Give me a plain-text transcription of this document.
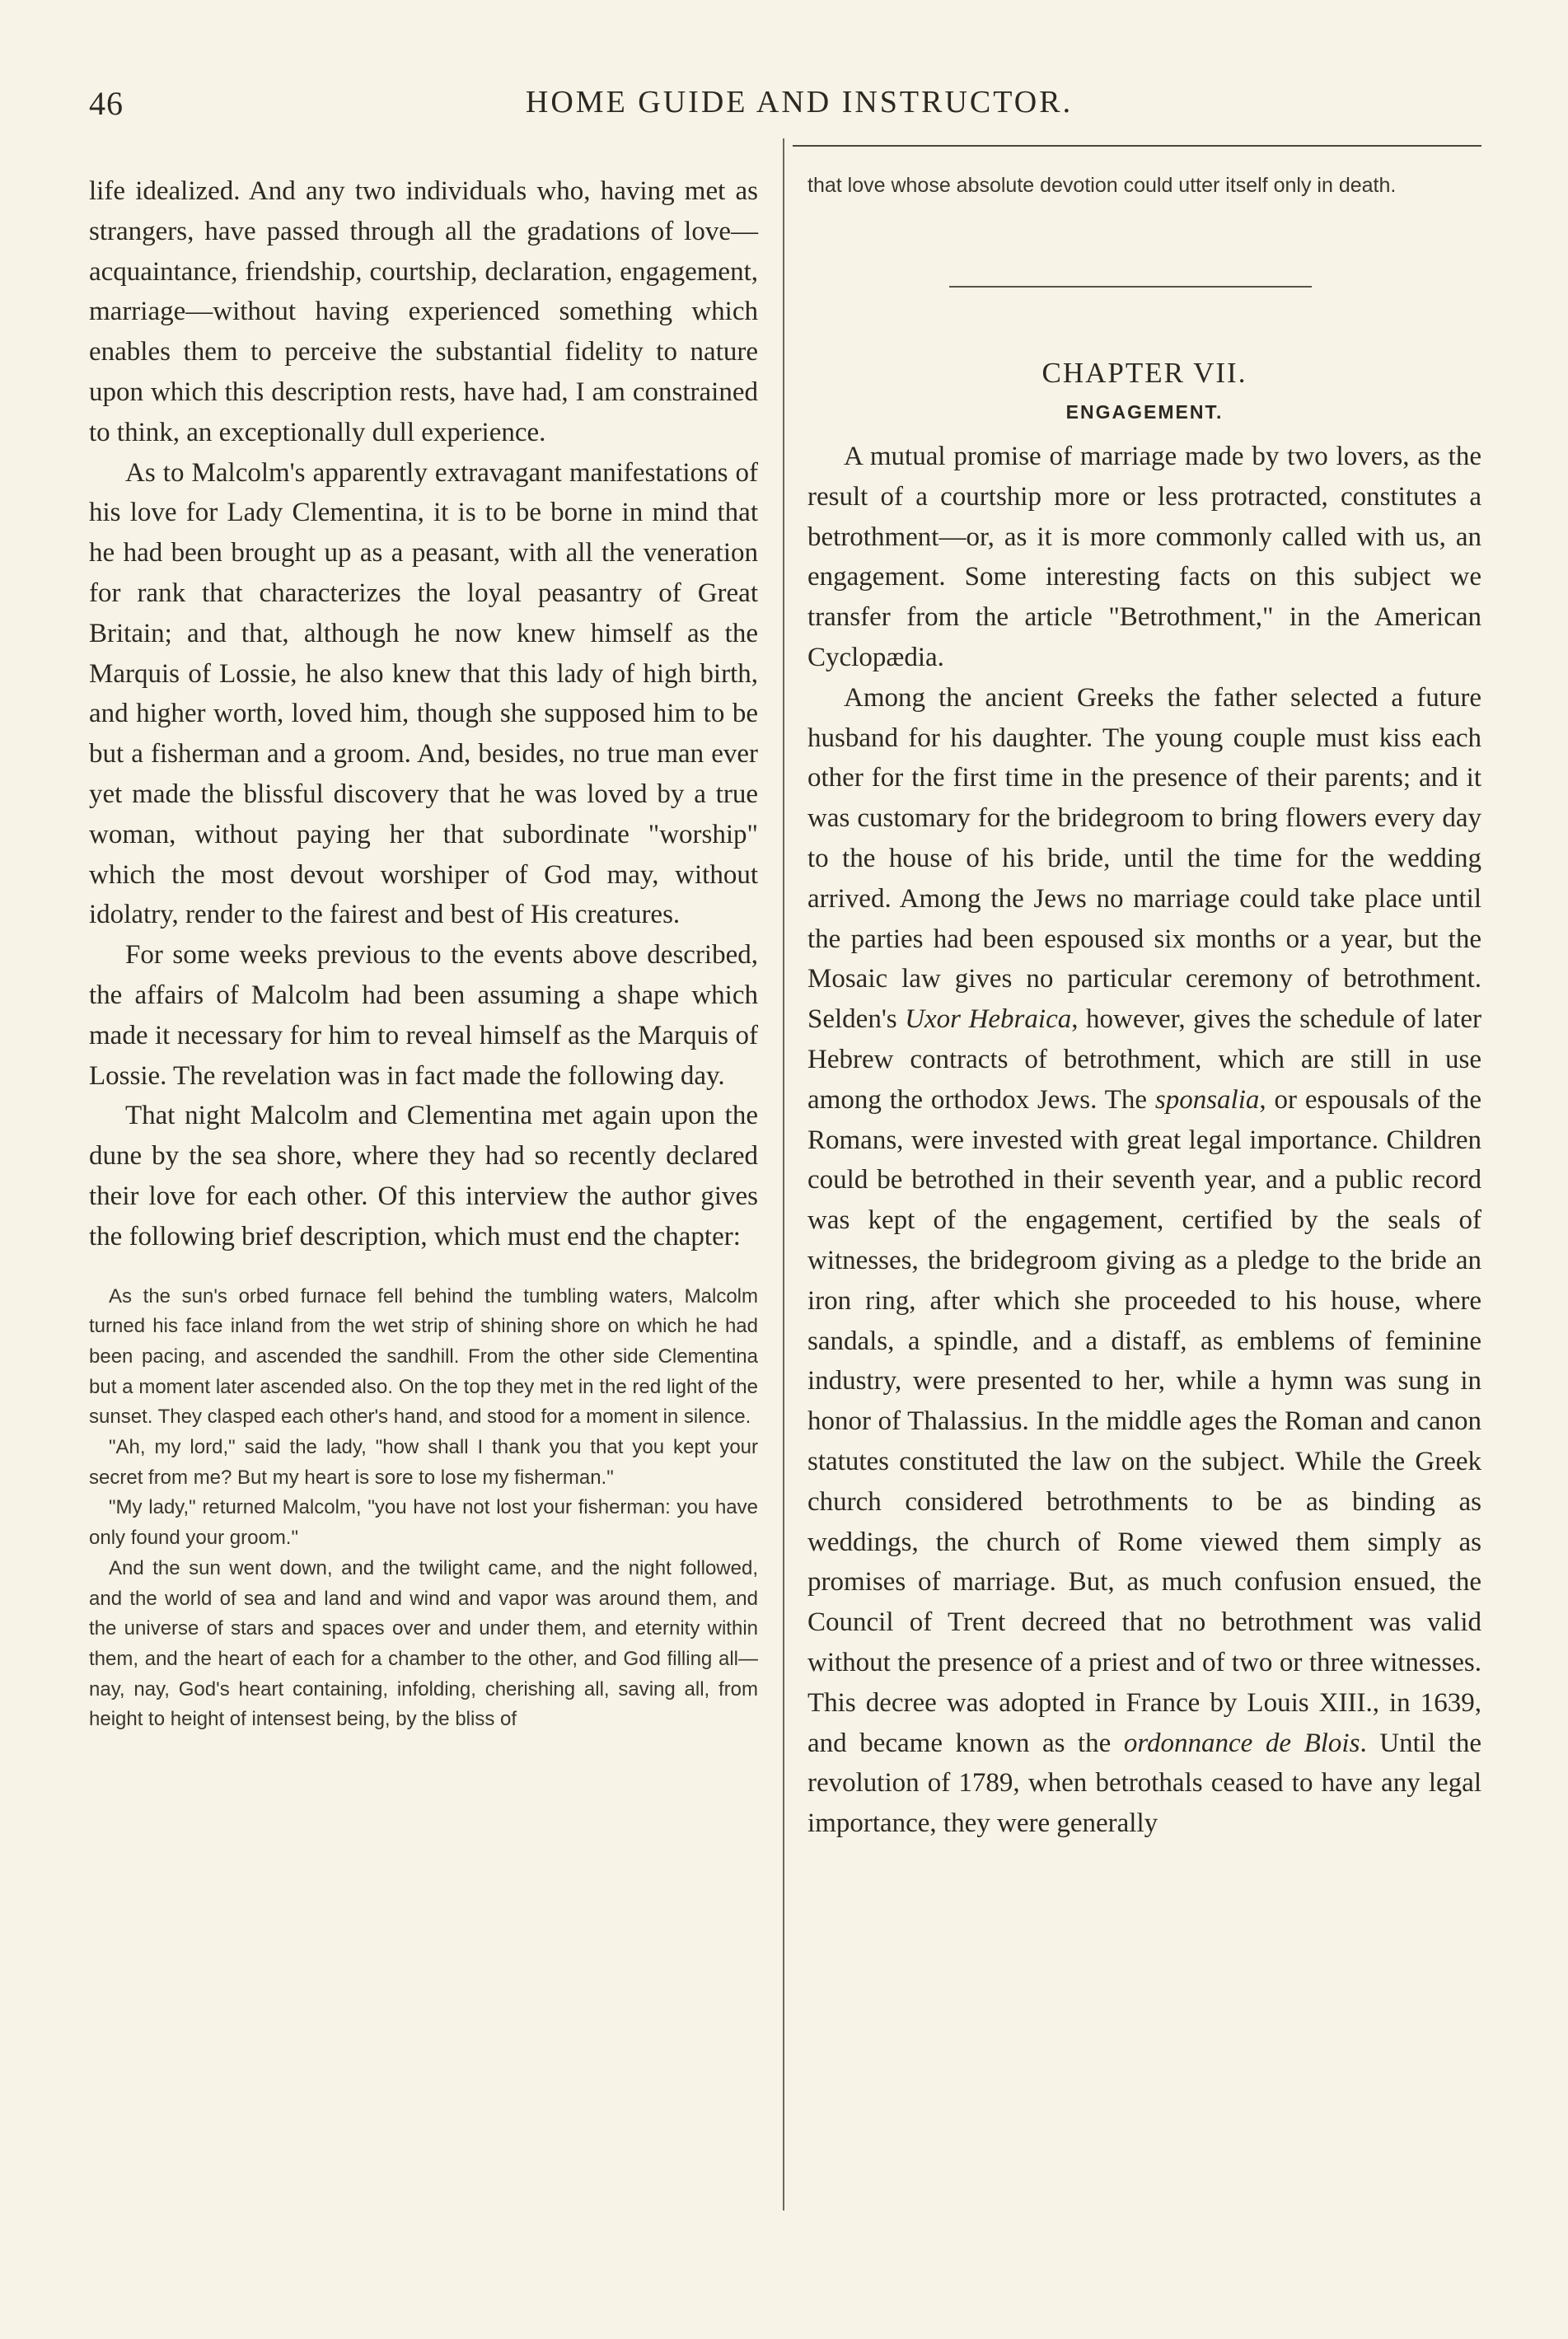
46	HOME GUIDE AND INSTRUCTOR.

life idealized. And any two individuals who, having met as strangers, have passed through all the gradations of love—acquaintance, friendship, courtship, declaration, engagement, marriage—without having experienced something which enables them to perceive the substantial fidelity to nature upon which this description rests, have had, I am constrained to think, an exceptionally dull experience.

As to Malcolm's apparently extravagant manifestations of his love for Lady Clementina, it is to be borne in mind that he had been brought up as a peasant, with all the veneration for rank that characterizes the loyal peasantry of Great Britain; and that, although he now knew himself as the Marquis of Lossie, he also knew that this lady of high birth, and higher worth, loved him, though she supposed him to be but a fisherman and a groom. And, besides, no true man ever yet made the blissful discovery that he was loved by a true woman, without paying her that subordinate "worship" which the most devout worshiper of God may, without idolatry, render to the fairest and best of His creatures.

For some weeks previous to the events above described, the affairs of Malcolm had been assuming a shape which made it necessary for him to reveal himself as the Marquis of Lossie. The revelation was in fact made the following day.

That night Malcolm and Clementina met again upon the dune by the sea shore, where they had so recently declared their love for each other. Of this interview the author gives the following brief description, which must end the chapter:

As the sun's orbed furnace fell behind the tumbling waters, Malcolm turned his face inland from the wet strip of shining shore on which he had been pacing, and ascended the sandhill. From the other side Clementina but a moment later ascended also. On the top they met in the red light of the sunset. They clasped each other's hand, and stood for a moment in silence.

"Ah, my lord," said the lady, "how shall I thank you that you kept your secret from me? But my heart is sore to lose my fisherman."

"My lady," returned Malcolm, "you have not lost your fisherman: you have only found your groom."

And the sun went down, and the twilight came, and the night followed, and the world of sea and land and wind and vapor was around them, and the universe of stars and spaces over and under them, and eternity within them, and the heart of each for a chamber to the other, and God filling all—nay, nay, God's heart containing, infolding, cherishing all, saving all, from height to height of intensest being, by the bliss of

that love whose absolute devotion could utter itself only in death.

CHAPTER VII.
ENGAGEMENT.

A mutual promise of marriage made by two lovers, as the result of a courtship more or less protracted, constitutes a betrothment—or, as it is more commonly called with us, an engagement. Some interesting facts on this subject we transfer from the article "Betrothment," in the American Cyclopædia.

Among the ancient Greeks the father selected a future husband for his daughter. The young couple must kiss each other for the first time in the presence of their parents; and it was customary for the bridegroom to bring flowers every day to the house of his bride, until the time for the wedding arrived. Among the Jews no marriage could take place until the parties had been espoused six months or a year, but the Mosaic law gives no particular ceremony of betrothment. Selden's Uxor Hebraica, however, gives the schedule of later Hebrew contracts of betrothment, which are still in use among the orthodox Jews. The sponsalia, or espousals of the Romans, were invested with great legal importance. Children could be betrothed in their seventh year, and a public record was kept of the engagement, certified by the seals of witnesses, the bridegroom giving as a pledge to the bride an iron ring, after which she proceeded to his house, where sandals, a spindle, and a distaff, as emblems of feminine industry, were presented to her, while a hymn was sung in honor of Thalassius. In the middle ages the Roman and canon statutes constituted the law on the subject. While the Greek church considered betrothments to be as binding as weddings, the church of Rome viewed them simply as promises of marriage. But, as much confusion ensued, the Council of Trent decreed that no betrothment was valid without the presence of a priest and of two or three witnesses. This decree was adopted in France by Louis XIII., in 1639, and became known as the ordonnance de Blois. Until the revolution of 1789, when betrothals ceased to have any legal importance, they were generally
